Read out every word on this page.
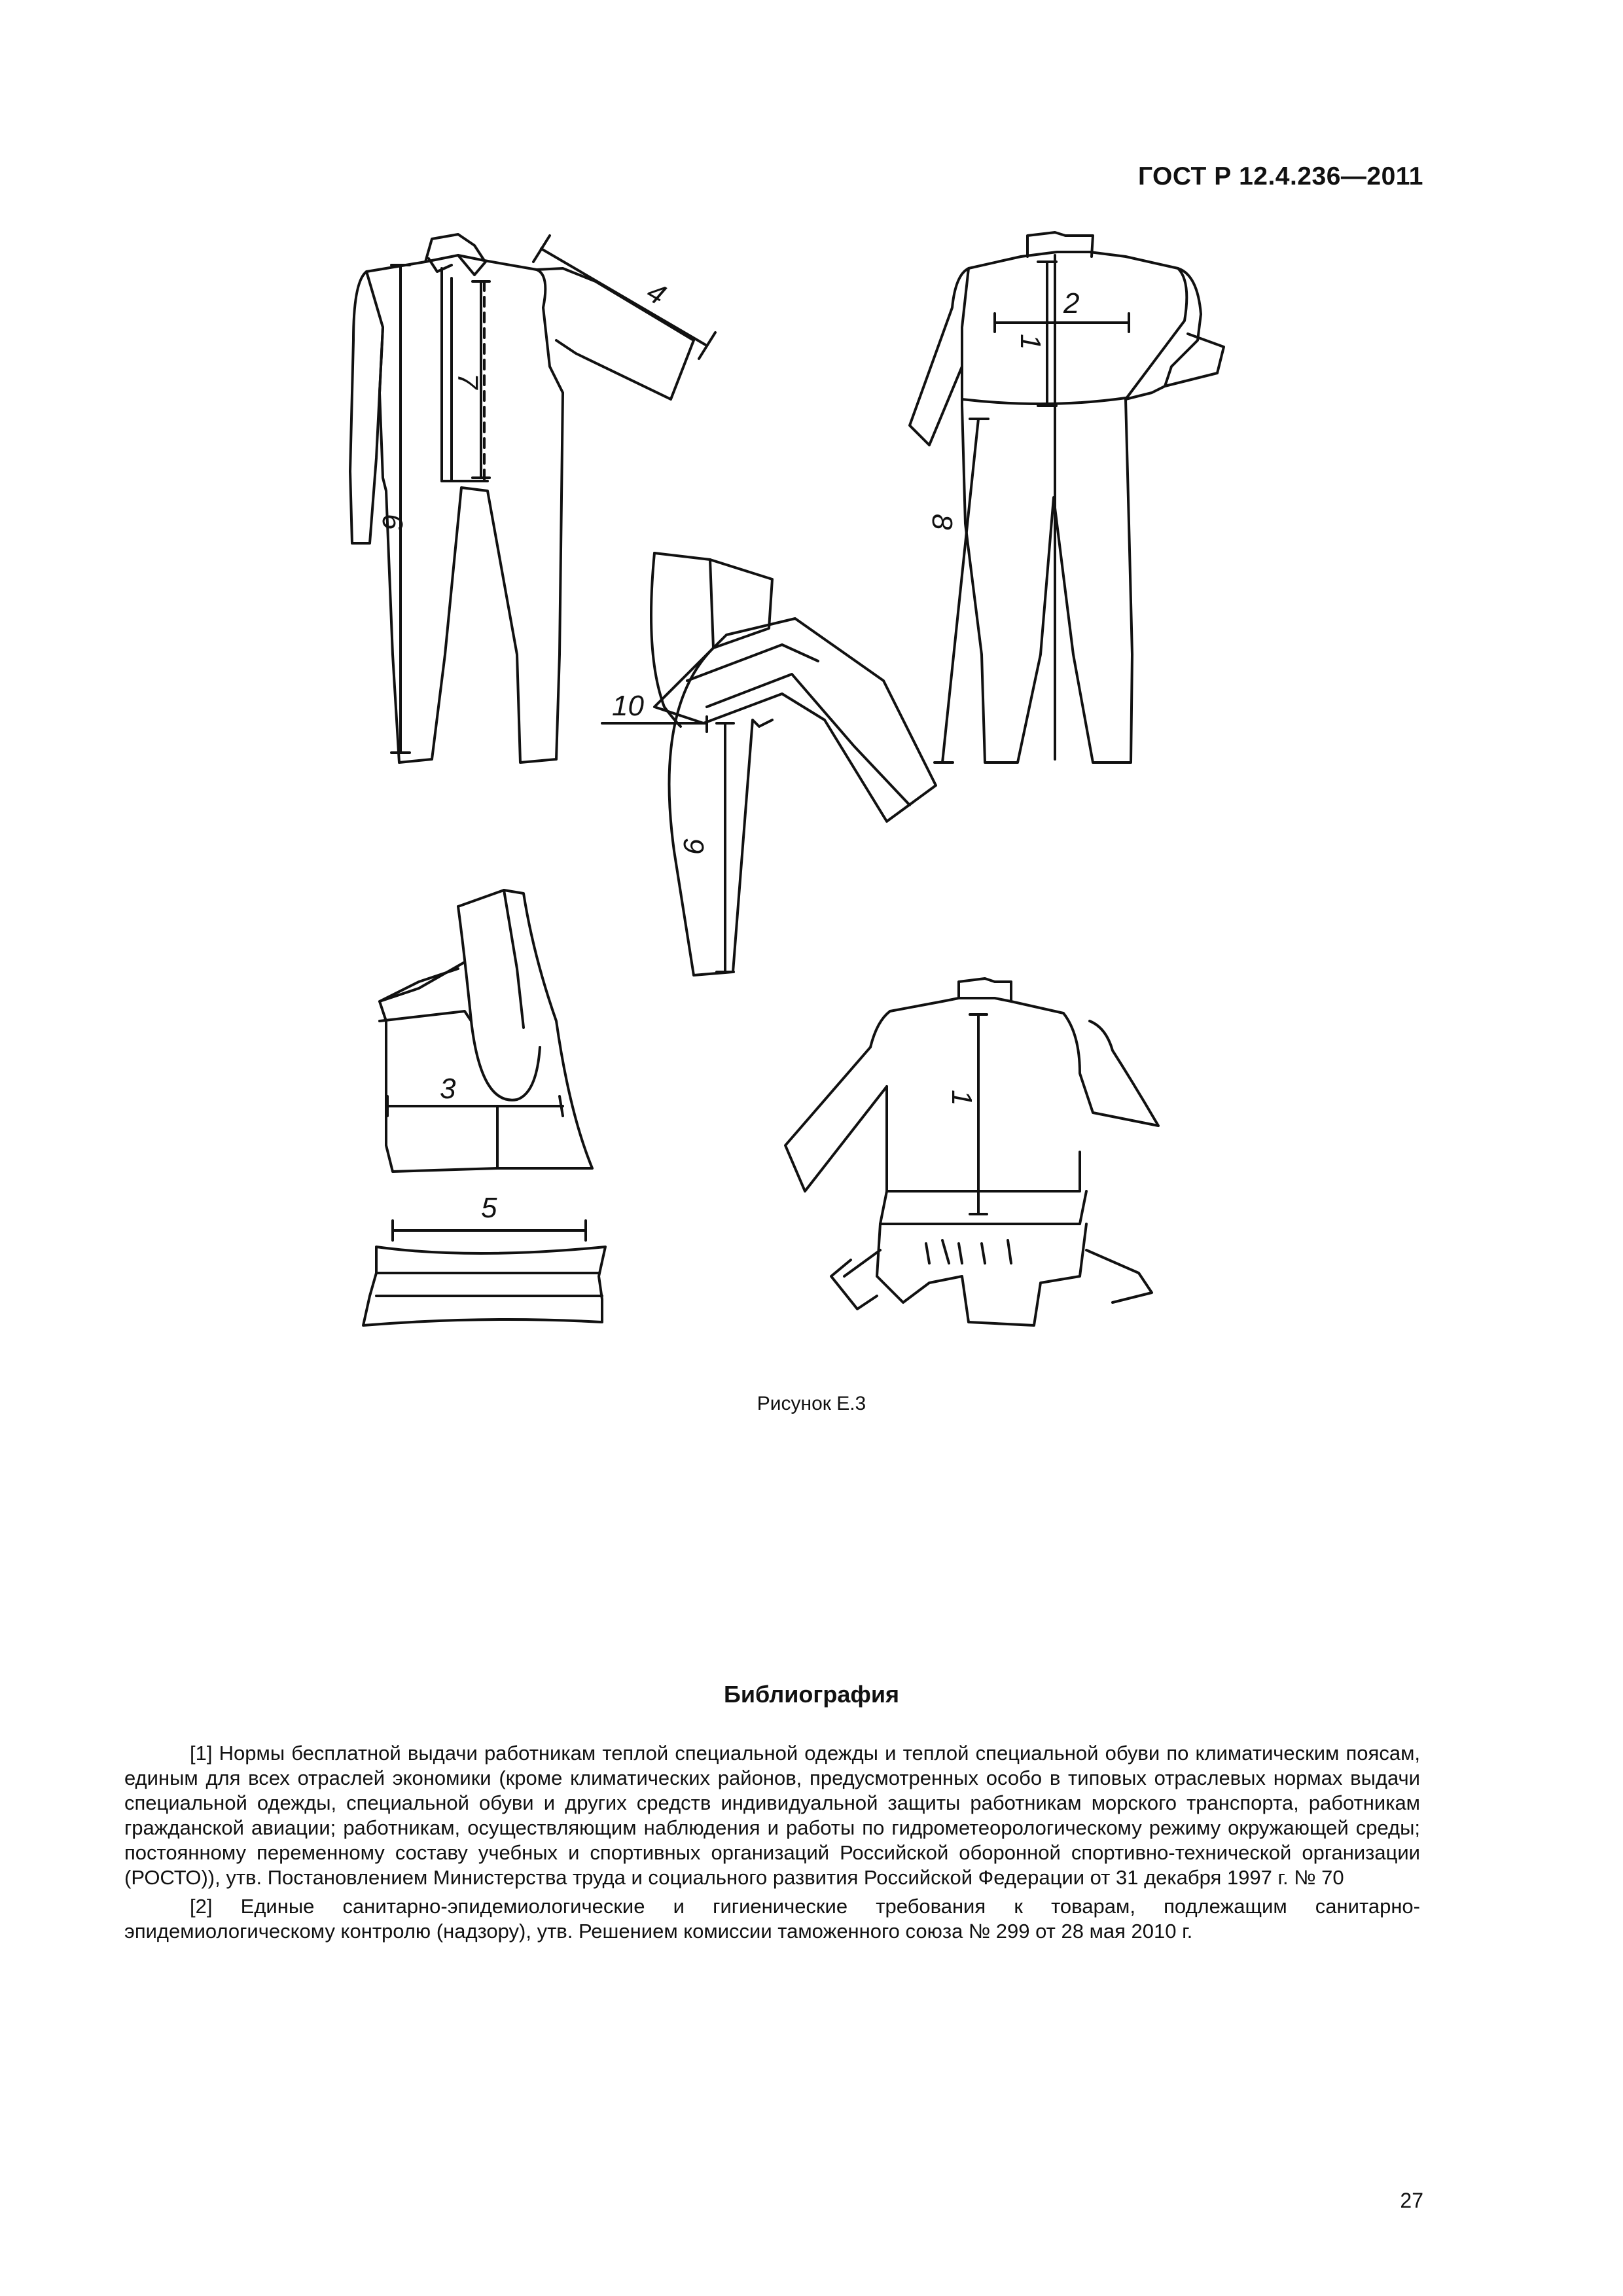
ГОСТ Р 12.4.236—2011
4
6
7
2
1
8
10
9
3
5
1
Рисунок Е.3
Библиография

[1] Нормы бесплатной выдачи работникам теплой специальной одежды и теплой специальной обуви по климатическим поясам, единым для всех отраслей экономики (кроме климатических районов, предусмотренных особо в типовых отраслевых нормах выдачи специальной одежды, специальной обуви и других средств индивидуальной защиты работникам морского транспорта, работникам гражданской авиации; работникам, осуществляющим наблюдения и работы по гидрометеорологическому режиму окружающей среды; постоянному переменному составу учебных и спортивных организаций Российской оборонной спортивно-технической организации (РОСТО)), утв. Постановлением Министерства труда и социального развития Российской Федерации от 31 декабря 1997 г. № 70

[2] Единые санитарно-эпидемиологические и гигиенические требования к товарам, подлежащим санитарно-эпидемиологическому контролю (надзору), утв. Решением комиссии таможенного союза № 299 от 28 мая 2010 г.

27
